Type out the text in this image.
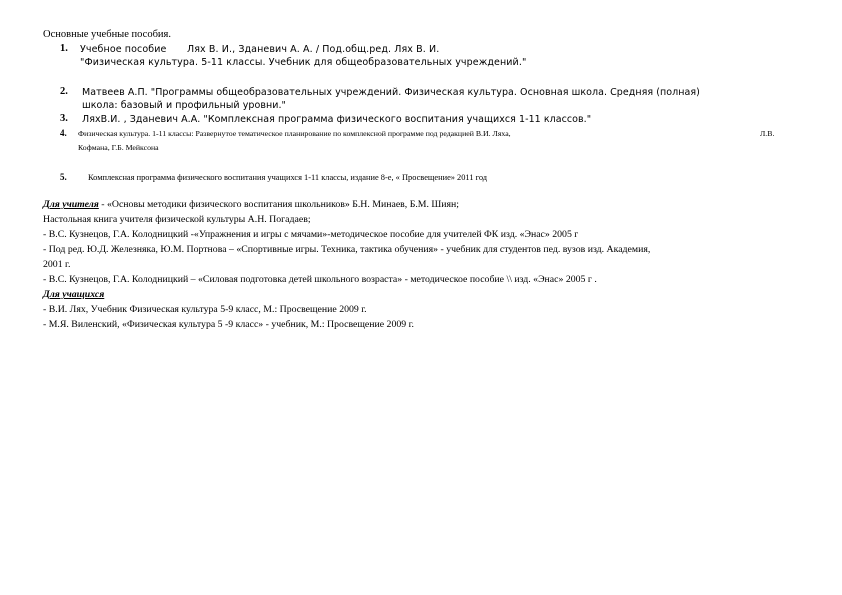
Основные учебные пособия.
1. Учебное пособие Лях В. И., Зданевич А. А. / Под.общ.ред. Лях В. И.
"Физическая культура. 5-11 классы. Учебник для общеобразовательных учреждений."
2. Матвеев А.П. "Программы общеобразовательных учреждений. Физическая культура. Основная школа. Средняя (полная)
школа: базовый и профильный уровни."
3. ЛяхВ.И. , Зданевич А.А. "Комплексная программа физического воспитания учащихся 1-11 классов."
4. Физическая культура. 1-11 классы: Развернутое тематическое планирование по комплексной программе под редакцией В.И. Ляха,	Л.В.
Кофмана, Г.Б. Мейксона
5.	Комплексная программа физического воспитания учащихся 1-11 классы, издание 8-е, « Просвещение» 2011 год
Для учителя - «Основы методики физического воспитания школьников» Б.Н. Минаев, Б.М. Шиян;
Настольная книга учителя физической культуры А.Н. Погадаев;
- В.С. Кузнецов, Г.А. Колодницкий -«Упражнения и игры с мячами»-методическое пособие для учителей ФК изд. «Энас» 2005 г
- Под ред. Ю.Д. Железняка, Ю.М. Портнова – «Спортивные игры. Техника, тактика обучения» - учебник для студентов пед. вузов изд. Академия,
2001 г.
- В.С. Кузнецов, Г.А. Колодницкий – «Силовая подготовка детей школьного возраста» - методическое пособие \\ изд. «Энас» 2005 г .
Для учащихся
- В.И. Лях, Учебник Физическая культура 5-9 класс, М.: Просвещение 2009 г.
- М.Я. Виленский, «Физическая культура 5 -9 класс» - учебник, М.: Просвещение 2009 г.
